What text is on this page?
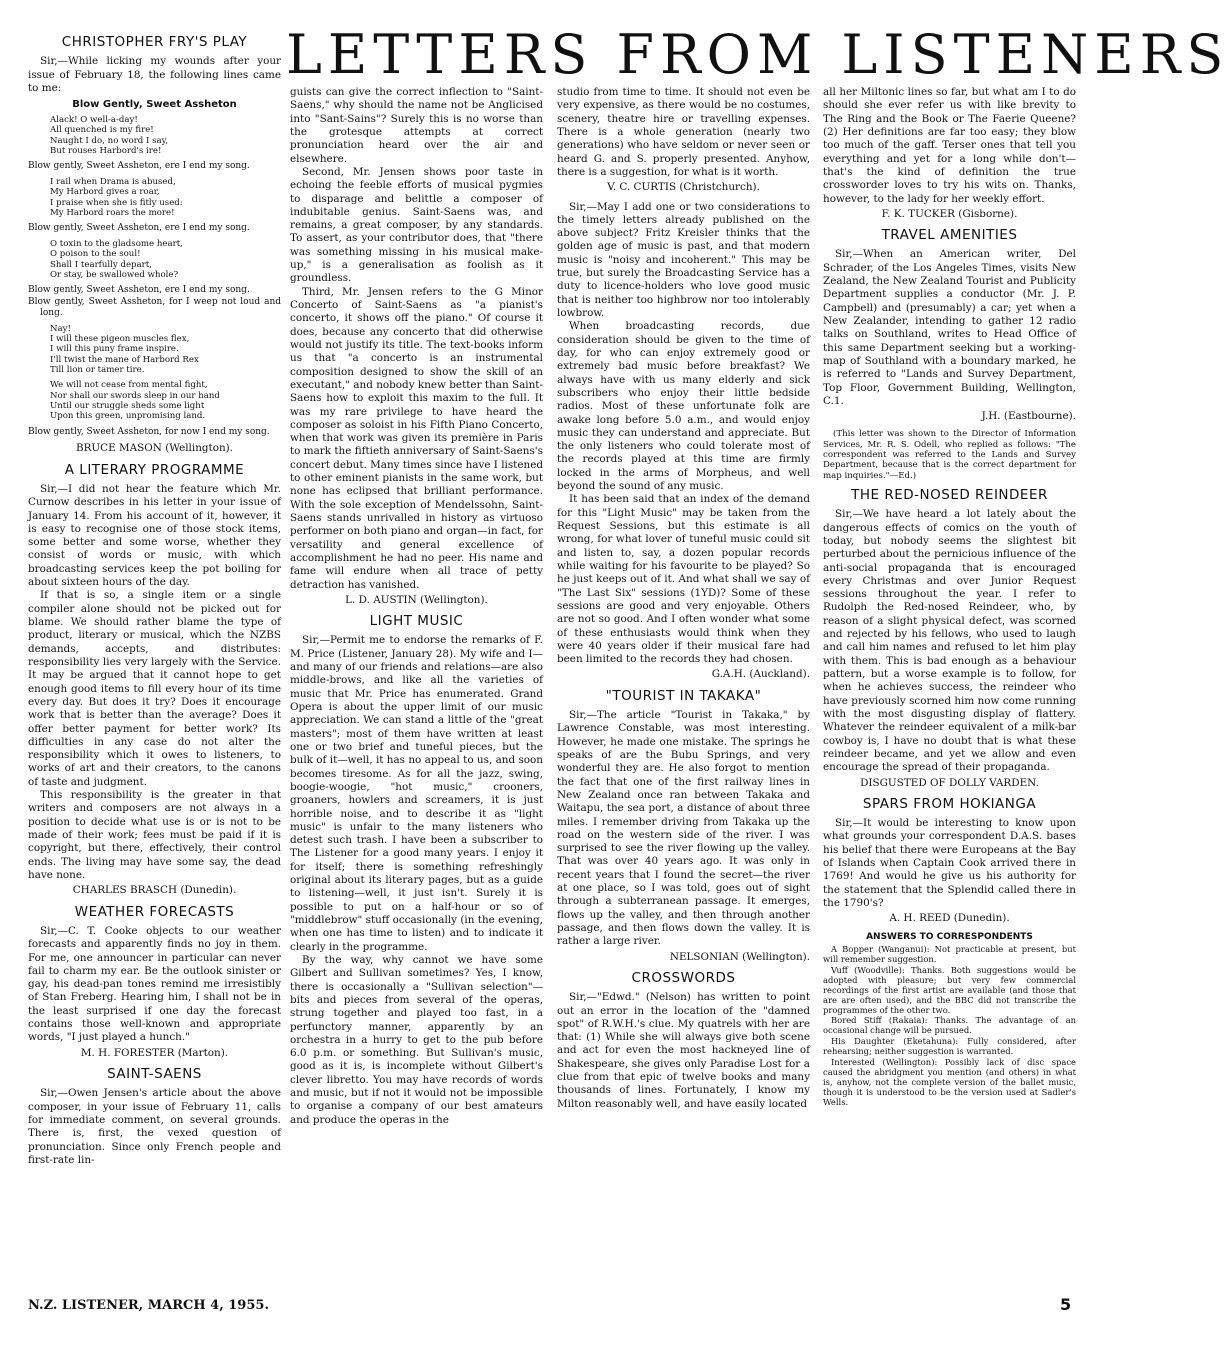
LETTERS FROM LISTENERS
CHRISTOPHER FRY'S PLAY

Sir,—While licking my wounds after your issue of February 18, the following lines came to me:

Blow Gently, Sweet Assheton
Alack! O well-a-day!
All quenched is my fire!
Naught I do, no word I say,
But rouses Harbord's ire!
Blow gently, Sweet Assheton, ere I end my song.
I rail when Drama is abused,
My Harbord gives a roar,
I praise when she is fitly used:
My Harbord roars the more!
Blow gently, Sweet Assheton, ere I end my song.
O toxin to the gladsome heart,
O poison to the soul!
Shall I tearfully depart,
Or stay, be swallowed whole?
Blow gently, Sweet Assheton, ere I end my song.
Blow gently, Sweet Assheton, for I weep not loud and long.
Nay!
I will these pigeon muscles flex,
I will this puny frame inspire.
I'll twist the mane of Harbord Rex
Till lion or tamer tire.
We will not cease from mental fight,
Nor shall our swords sleep in our hand
Until our struggle sheds some light
Upon this green, unpromising land.
Blow gently, Sweet Assheton, for now I end my song.
BRUCE MASON (Wellington).
A LITERARY PROGRAMME

Sir,—I did not hear the feature which Mr. Curnow describes in his letter in your issue of January 14. From his account of it, however, it is easy to recognise one of those stock items, some better and some worse, whether they consist of words or music, with which broadcasting services keep the pot boiling for about sixteen hours of the day.

If that is so, a single item or a single compiler alone should not be picked out for blame. We should rather blame the type of product, literary or musical, which the NZBS demands, accepts, and distributes: responsibility lies very largely with the Service. It may be argued that it cannot hope to get enough good items to fill every hour of its time every day. But does it try? Does it encourage work that is better than the average? Does it offer better payment for better work? Its difficulties in any case do not alter the responsibility which it owes to listeners, to works of art and their creators, to the canons of taste and judgment.

This responsibility is the greater in that writers and composers are not always in a position to decide what use is or is not to be made of their work; fees must be paid if it is copyright, but there, effectively, their control ends. The living may have some say, the dead have none.

CHARLES BRASCH (Dunedin).
WEATHER FORECASTS

Sir,—C. T. Cooke objects to our weather forecasts and apparently finds no joy in them. For me, one announcer in particular can never fail to charm my ear. Be the outlook sinister or gay, his dead-pan tones remind me irresistibly of Stan Freberg. Hearing him, I shall not be in the least surprised if one day the forecast contains those well-known and appropriate words, "I just played a hunch."

M. H. FORESTER (Marton).
SAINT-SAENS

Sir,—Owen Jensen's article about the above composer, in your issue of February 11, calls for immediate comment, on several grounds. There is, first, the vexed question of pronunciation. Since only French people and first-rate lin-

guists can give the correct inflection to "Saint-Saens," why should the name not be Anglicised into "Sant-Sains"? Surely this is no worse than the grotesque attempts at correct pronunciation heard over the air and elsewhere.

Second, Mr. Jensen shows poor taste in echoing the feeble efforts of musical pygmies to disparage and belittle a composer of indubitable genius. Saint-Saens was, and remains, a great composer, by any standards. To assert, as your contributor does, that "there was something missing in his musical make-up," is a generalisation as foolish as it groundless.

Third, Mr. Jensen refers to the G Minor Concerto of Saint-Saens as "a pianist's concerto, it shows off the piano." Of course it does, because any concerto that did otherwise would not justify its title. The text-books inform us that "a concerto is an instrumental composition designed to show the skill of an executant," and nobody knew better than Saint-Saens how to exploit this maxim to the full. It was my rare privilege to have heard the composer as soloist in his Fifth Piano Concerto, when that work was given its première in Paris to mark the fiftieth anniversary of Saint-Saens's concert debut. Many times since have I listened to other eminent pianists in the same work, but none has eclipsed that brilliant performance. With the sole exception of Mendelssohn, Saint-Saens stands unrivalled in history as virtuoso performer on both piano and organ—in fact, for versatility and general excellence of accomplishment he had no peer. His name and fame will endure when all trace of petty detraction has vanished.

L. D. AUSTIN (Wellington).
LIGHT MUSIC

Sir,—Permit me to endorse the remarks of F. M. Price (Listener, January 28). My wife and I—and many of our friends and relations—are also middle-brows, and like all the varieties of music that Mr. Price has enumerated. Grand Opera is about the upper limit of our music appreciation. We can stand a little of the "great masters"; most of them have written at least one or two brief and tuneful pieces, but the bulk of it—well, it has no appeal to us, and soon becomes tiresome. As for all the jazz, swing, boogie-woogie, "hot music," crooners, groaners, howlers and screamers, it is just horrible noise, and to describe it as "light music" is unfair to the many listeners who detest such trash. I have been a subscriber to The Listener for a good many years. I enjoy it for itself; there is something refreshingly original about its literary pages, but as a guide to listening—well, it just isn't. Surely it is possible to put on a half-hour or so of "middlebrow" stuff occasionally (in the evening, when one has time to listen) and to indicate it clearly in the programme.

By the way, why cannot we have some Gilbert and Sullivan sometimes? Yes, I know, there is occasionally a "Sullivan selection"—bits and pieces from several of the operas, strung together and played too fast, in a perfunctory manner, apparently by an orchestra in a hurry to get to the pub before 6.0 p.m. or something. But Sullivan's music, good as it is, is incomplete without Gilbert's clever libretto. You may have records of words and music, but if not it would not be impossible to organise a company of our best amateurs and produce the operas in the

studio from time to time. It should not even be very expensive, as there would be no costumes, scenery, theatre hire or travelling expenses. There is a whole generation (nearly two generations) who have seldom or never seen or heard G. and S. properly presented. Anyhow, there is a suggestion, for what is it worth.

V. C. CURTIS (Christchurch).

Sir,—May I add one or two considerations to the timely letters already published on the above subject? Fritz Kreisler thinks that the golden age of music is past, and that modern music is "noisy and incoherent." This may be true, but surely the Broadcasting Service has a duty to licence-holders who love good music that is neither too highbrow nor too intolerably lowbrow.

When broadcasting records, due consideration should be given to the time of day, for who can enjoy extremely good or extremely bad music before breakfast? We always have with us many elderly and sick subscribers who enjoy their little bedside radios. Most of these unfortunate folk are awake long before 5.0 a.m., and would enjoy music they can understand and appreciate. But the only listeners who could tolerate most of the records played at this time are firmly locked in the arms of Morpheus, and well beyond the sound of any music.

It has been said that an index of the demand for this "Light Music" may be taken from the Request Sessions, but this estimate is all wrong, for what lover of tuneful music could sit and listen to, say, a dozen popular records while waiting for his favourite to be played? So he just keeps out of it. And what shall we say of "The Last Six" sessions (1YD)? Some of these sessions are good and very enjoyable. Others are not so good. And I often wonder what some of these enthusiasts would think when they were 40 years older if their musical fare had been limited to the records they had chosen.

G.A.H. (Auckland).
"TOURIST IN TAKAKA"

Sir,—The article "Tourist in Takaka," by Lawrence Constable, was most interesting. However, he made one mistake. The springs he speaks of are the Bubu Springs, and very wonderful they are. He also forgot to mention the fact that one of the first railway lines in New Zealand once ran between Takaka and Waitapu, the sea port, a distance of about three miles. I remember driving from Takaka up the road on the western side of the river. I was surprised to see the river flowing up the valley. That was over 40 years ago. It was only in recent years that I found the secret—the river at one place, so I was told, goes out of sight through a subterranean passage. It emerges, flows up the valley, and then through another passage, and then flows down the valley. It is rather a large river.

NELSONIAN (Wellington).
CROSSWORDS

Sir,—"Edwd." (Nelson) has written to point out an error in the location of the "damned spot" of R.W.H.'s clue. My quatrels with her are that: (1) While she will always give both scene and act for even the most hackneyed line of Shakespeare, she gives only Paradise Lost for a clue from that epic of twelve books and many thousands of lines. Fortunately, I know my Milton reasonably well, and have easily located

all her Miltonic lines so far, but what am I to do should she ever refer us with like brevity to The Ring and the Book or The Faerie Queene? (2) Her definitions are far too easy; they blow too much of the gaff. Terser ones that tell you everything and yet for a long while don't—that's the kind of definition the true crossworder loves to try his wits on. Thanks, however, to the lady for her weekly effort.

F. K. TUCKER (Gisborne).
TRAVEL AMENITIES

Sir,—When an American writer, Del Schrader, of the Los Angeles Times, visits New Zealand, the New Zealand Tourist and Publicity Department supplies a conductor (Mr. J. P. Campbell) and (presumably) a car; yet when a New Zealander, intending to gather 12 radio talks on Southland, writes to Head Office of this same Department seeking but a working-map of Southland with a boundary marked, he is referred to "Lands and Survey Department, Top Floor, Government Building, Wellington, C.1.

J.H. (Eastbourne).
(This letter was shown to the Director of Information Services, Mr. R. S. Odell, who replied as follows: "The correspondent was referred to the Lands and Survey Department, because that is the correct department for map inquiries."—Ed.)
THE RED-NOSED REINDEER

Sir,—We have heard a lot lately about the dangerous effects of comics on the youth of today, but nobody seems the slightest bit perturbed about the pernicious influence of the anti-social propaganda that is encouraged every Christmas and over Junior Request sessions throughout the year. I refer to Rudolph the Red-nosed Reindeer, who, by reason of a slight physical defect, was scorned and rejected by his fellows, who used to laugh and call him names and refused to let him play with them. This is bad enough as a behaviour pattern, but a worse example is to follow, for when he achieves success, the reindeer who have previously scorned him now come running with the most disgusting display of flattery. Whatever the reindeer equivalent of a milk-bar cowboy is, I have no doubt that is what these reindeer became, and yet we allow and even encourage the spread of their propaganda.

DISGUSTED OF DOLLY VARDEN.
SPARS FROM HOKIANGA

Sir,—It would be interesting to know upon what grounds your correspondent D.A.S. bases his belief that there were Europeans at the Bay of Islands when Captain Cook arrived there in 1769! And would he give us his authority for the statement that the Splendid called there in the 1790's?

A. H. REED (Dunedin).
ANSWERS TO CORRESPONDENTS
A Bopper (Wanganui): Not practicable at present, but will remember suggestion.
Vuff (Woodville): Thanks. Both suggestions would be adopted with pleasure; but very few commercial recordings of the first artist are available (and those that are are often used), and the BBC did not transcribe the programmes of the other two.
Bored Stiff (Rakaia): Thanks. The advantage of an occasional change will be pursued.
His Daughter (Eketahuna): Fully considered, after rehearsing; neither suggestion is warranted.
Interested (Wellington): Possibly lack of disc space caused the abridgment you mention (and others) in what is, anyhow, not the complete version of the ballet music, though it is understood to be the version used at Sadler's Wells.
N.Z. LISTENER, MARCH 4, 1955.	5
